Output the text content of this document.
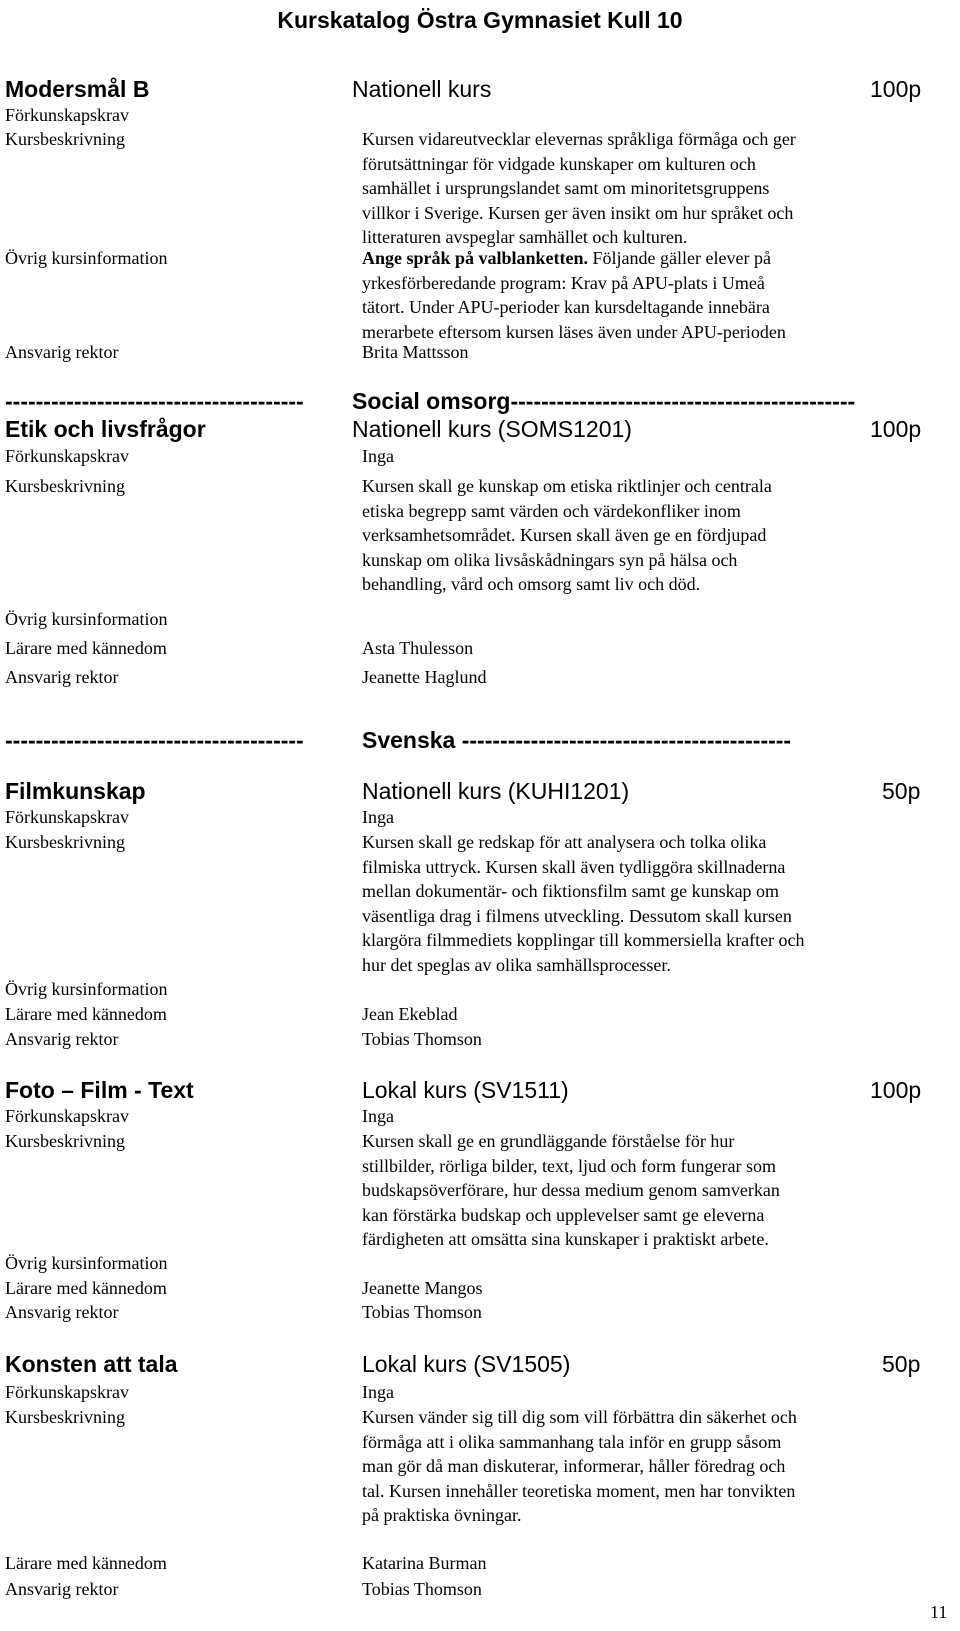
Kurskatalog Östra Gymnasiet Kull 10
Modersmål B	Nationell kurs	100p
Förkunskapskrav
Kursbeskrivning	Kursen vidareutvecklar elevernas språkliga förmåga och ger
förutsättningar för vidgade kunskaper om kulturen och
samhället i ursprungslandet samt om minoritetsgruppens
villkor i Sverige. Kursen ger även insikt om hur språket och
litteraturen avspeglar samhället och kulturen.
Övrig kursinformation	Ange språk på valblanketten. Följande gäller elever på
yrkesförberedande program: Krav på APU-plats i Umeå
tätort. Under APU-perioder kan kursdeltagande innebära
merarbete eftersom kursen läses även under APU-perioden
Ansvarig rektor	Brita Mattsson
--------------------------------------- Social omsorg---------------------------------------------
Etik och livsfrågor	Nationell kurs (SOMS1201)	100p
Förkunskapskrav	Inga
Kursbeskrivning	Kursen skall ge kunskap om etiska riktlinjer och centrala
etiska begrepp samt värden och värdekonfliker inom
verksamhetsområdet. Kursen skall även ge en fördjupad
kunskap om olika livsåskådningars syn på hälsa och
behandling, vård och omsorg samt liv och död.
Övrig kursinformation
Lärare med kännedom	Asta Thulesson
Ansvarig rektor	Jeanette Haglund
---------------------------------------	Svenska -------------------------------------------
Filmkunskap	Nationell kurs (KUHI1201)	50p
Förkunskapskrav	Inga
Kursbeskrivning	Kursen skall ge redskap för att analysera och tolka olika
filmiska uttryck. Kursen skall även tydliggöra skillnaderna
mellan dokumentär- och fiktionsfilm samt ge kunskap om
väsentliga drag i filmens utveckling. Dessutom skall kursen
klargöra filmmediets kopplingar till kommersiella krafter och
hur det speglas av olika samhällsprocesser.
Övrig kursinformation
Lärare med kännedom	Jean Ekeblad
Ansvarig rektor	Tobias Thomson
Foto – Film - Text	Lokal kurs (SV1511)	100p
Förkunskapskrav	Inga
Kursbeskrivning	Kursen skall ge en grundläggande förståelse för hur
stillbilder, rörliga bilder, text, ljud och form fungerar som
budskapsöverförare, hur dessa medium genom samverkan
kan förstärka budskap och upplevelser samt ge eleverna
färdigheten att omsätta sina kunskaper i praktiskt arbete.
Övrig kursinformation
Lärare med kännedom	Jeanette Mangos
Ansvarig rektor	Tobias Thomson
Konsten att tala	Lokal kurs (SV1505)	50p
Förkunskapskrav	Inga
Kursbeskrivning	Kursen vänder sig till dig som vill förbättra din säkerhet och
förmåga att i olika sammanhang tala inför en grupp såsom
man gör då man diskuterar, informerar, håller föredrag och
tal. Kursen innehåller teoretiska moment, men har tonvikten
på praktiska övningar.
Lärare med kännedom	Katarina Burman
Ansvarig rektor	Tobias Thomson
11
